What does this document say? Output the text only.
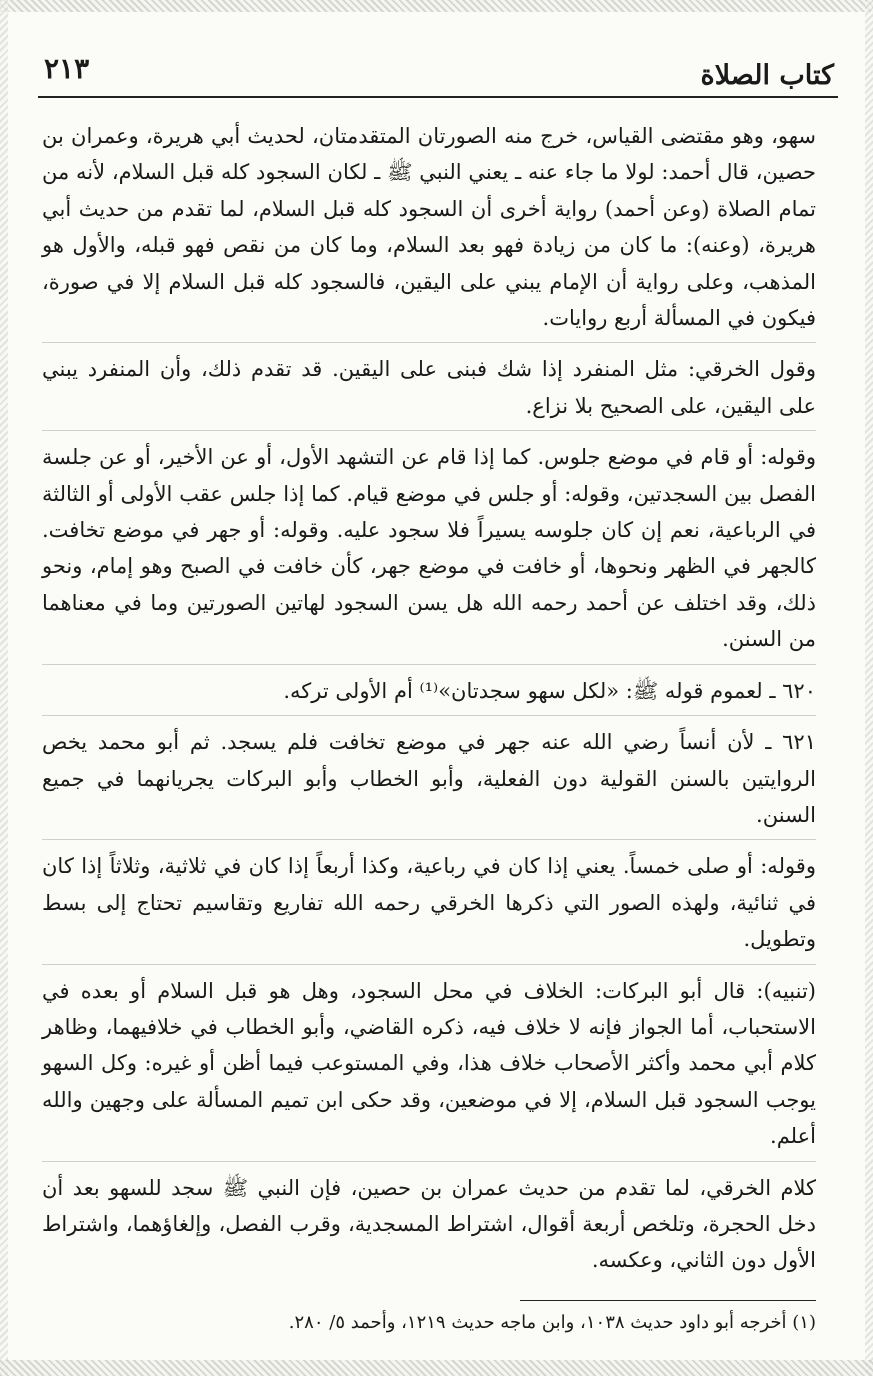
٢١٣	كتاب الصلاة

سهو، وهو مقتضى القياس، خرج منه الصورتان المتقدمتان، لحديث أبي هريرة، وعمران بن حصين، قال أحمد: لولا ما جاء عنه ـ يعني النبي ﷺ ـ لكان السجود كله قبل السلام، لأنه من تمام الصلاة (وعن أحمد) رواية أخرى أن السجود كله قبل السلام، لما تقدم من حديث أبي هريرة، (وعنه): ما كان من زيادة فهو بعد السلام، وما كان من نقص فهو قبله، والأول هو المذهب، وعلى رواية أن الإمام يبني على اليقين، فالسجود كله قبل السلام إلا في صورة، فيكون في المسألة أربع روايات.

وقول الخرقي: مثل المنفرد إذا شك فبنى على اليقين. قد تقدم ذلك، وأن المنفرد يبني على اليقين، على الصحيح بلا نزاع.

وقوله: أو قام في موضع جلوس. كما إذا قام عن التشهد الأول، أو عن الأخير، أو عن جلسة الفصل بين السجدتين، وقوله: أو جلس في موضع قيام. كما إذا جلس عقب الأولى أو الثالثة في الرباعية، نعم إن كان جلوسه يسيراً فلا سجود عليه. وقوله: أو جهر في موضع تخافت. كالجهر في الظهر ونحوها، أو خافت في موضع جهر، كأن خافت في الصبح وهو إمام، ونحو ذلك، وقد اختلف عن أحمد رحمه الله هل يسن السجود لهاتين الصورتين وما في معناهما من السنن.

٦٢٠ ـ لعموم قوله ﷺ: «لكل سهو سجدتان»⁽¹⁾ أم الأولى تركه.

٦٢١ ـ لأن أنساً رضي الله عنه جهر في موضع تخافت فلم يسجد. ثم أبو محمد يخص الروايتين بالسنن القولية دون الفعلية، وأبو الخطاب وأبو البركات يجريانهما في جميع السنن.

وقوله: أو صلى خمساً. يعني إذا كان في رباعية، وكذا أربعاً إذا كان في ثلاثية، وثلاثاً إذا كان في ثنائية، ولهذه الصور التي ذكرها الخرقي رحمه الله تفاريع وتقاسيم تحتاج إلى بسط وتطويل.

(تنبيه): قال أبو البركات: الخلاف في محل السجود، وهل هو قبل السلام أو بعده في الاستحباب، أما الجواز فإنه لا خلاف فيه، ذكره القاضي، وأبو الخطاب في خلافيهما، وظاهر كلام أبي محمد وأكثر الأصحاب خلاف هذا، وفي المستوعب فيما أظن أو غيره: وكل السهو يوجب السجود قبل السلام، إلا في موضعين، وقد حكى ابن تميم المسألة على وجهين والله أعلم.

كلام الخرقي، لما تقدم من حديث عمران بن حصين، فإن النبي ﷺ سجد للسهو بعد أن دخل الحجرة، وتلخص أربعة أقوال، اشتراط المسجدية، وقرب الفصل، وإلغاؤهما، واشتراط الأول دون الثاني، وعكسه.

(١) أخرجه أبو داود حديث ١٠٣٨، وابن ماجه حديث ١٢١٩، وأحمد ٥/ ٢٨٠.
